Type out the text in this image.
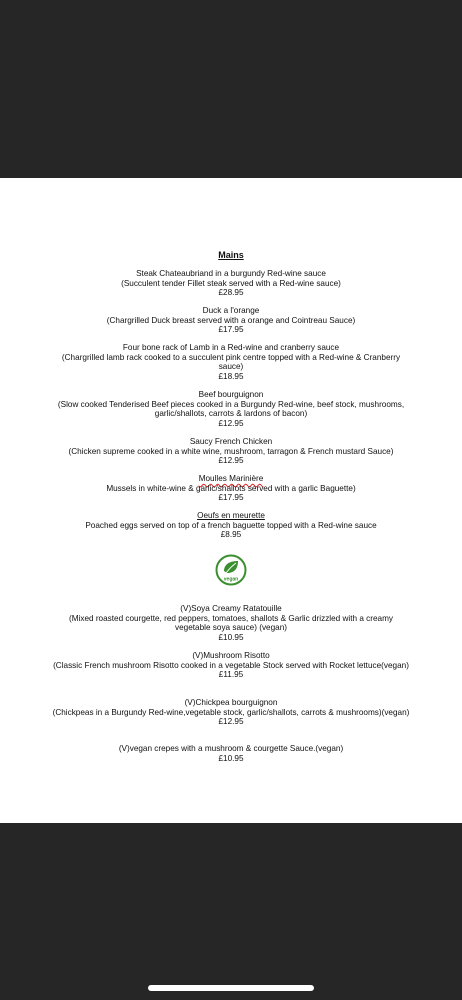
Mains
Steak Chateaubriand in a burgundy Red-wine sauce
(Succulent tender Fillet steak served with a Red-wine sauce)
£28.95
Duck a l'orange
(Chargrilled Duck breast served with a orange and Cointreau Sauce)
£17.95
Four bone rack of Lamb in a Red-wine and cranberry sauce
(Chargrilled lamb rack cooked to a succulent pink centre topped with a Red-wine & Cranberry
sauce)
£18.95
Beef bourguignon
(Slow cooked Tenderised Beef pieces cooked in a Burgundy Red-wine, beef stock, mushrooms,
garlic/shallots, carrots & lardons of bacon)
£12.95
Saucy French Chicken
(Chicken supreme cooked in a white wine, mushroom, tarragon & French mustard Sauce)
£12.95
Moulles Marinière
Mussels in white-wine & garlic/shallots served with a garlic Baguette)
£17.95
Oeufs en meurette
Poached eggs served on top of a french baguette topped with a Red-wine sauce
£8.95
vegan
(V)Soya Creamy Ratatouille
(Mixed roasted courgette, red peppers, tomatoes, shallots & Garlic drizzled with a creamy
vegetable soya sauce) (vegan)
£10.95
(V)Mushroom Risotto
(Classic French mushroom Risotto cooked in a vegetable Stock served with Rocket lettuce(vegan)
£11.95
(V)Chickpea bourguignon
(Chickpeas in a Burgundy Red-wine,vegetable stock, garlic/shallots, carrots & mushrooms)(vegan)
£12.95
(V)vegan crepes with a mushroom & courgette Sauce.(vegan)
£10.95
